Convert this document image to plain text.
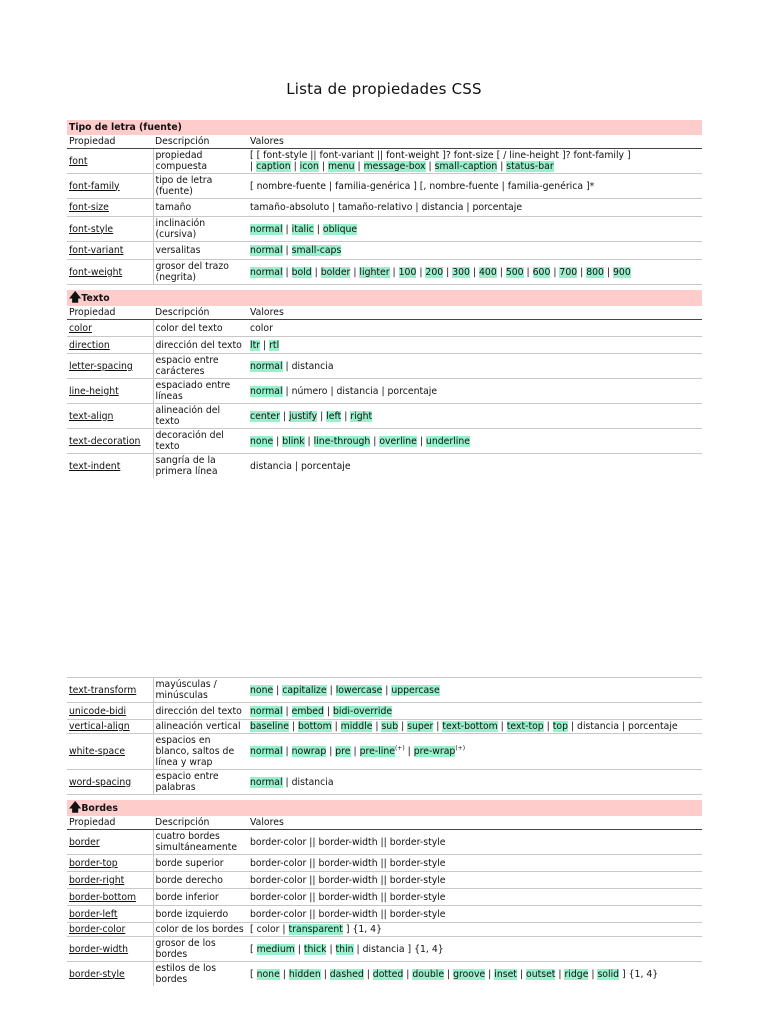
Lista de propiedades CSS
Tipo de letra (fuente)		
Propiedad	Descripción	Valores
font	propiedad compuesta	[ [ font-style || font-variant || font-weight ]? font-size [ / line-height ]? font-family ]
| caption | icon | menu | message-box | small-caption | status-bar
font-family	tipo de letra (fuente)	[ nombre-fuente | familia-genérica ] [, nombre-fuente | familia-genérica ]*
font-size	tamaño	tamaño-absoluto | tamaño-relativo | distancia | porcentaje
font-style	inclinación (cursiva)	normal | italic | oblique
font-variant	versalitas	normal | small-caps
font-weight	grosor del trazo (negrita)	normal | bold | bolder | lighter | 100 | 200 | 300 | 400 | 500 | 600 | 700 | 800 | 900

🡅Texto		
Propiedad	Descripción	Valores
color	color del texto	color
direction	dirección del texto	ltr | rtl
letter-spacing	espacio entre carácteres	normal | distancia
line-height	espaciado entre líneas	normal | número | distancia | porcentaje
text-align	alineación del texto	center | justify | left | right
text-decoration	decoración del texto	none | blink | line-through | overline | underline
text-indent	sangría de la primera línea	distancia | porcentaje
text-transform	mayúsculas / minúsculas	none | capitalize | lowercase | uppercase
unicode-bidi	dirección del texto	normal | embed | bidi-override
vertical-align	alineación vertical	baseline | bottom | middle | sub | super | text-bottom | text-top | top | distancia | porcentaje
white-space	espacios en blanco, saltos de línea y wrap	normal | nowrap | pre | pre-line(+) | pre-wrap(+)
word-spacing	espacio entre palabras	normal | distancia

🡅Bordes		
Propiedad	Descripción	Valores
border	cuatro bordes simultáneamente	border-color || border-width || border-style
border-top	borde superior	border-color || border-width || border-style
border-right	borde derecho	border-color || border-width || border-style
border-bottom	borde inferior	border-color || border-width || border-style
border-left	borde izquierdo	border-color || border-width || border-style
border-color	color de los bordes	[ color | transparent ] {1, 4}
border-width	grosor de los bordes	[ medium | thick | thin | distancia ] {1, 4}
border-style	estilos de los bordes	[ none | hidden | dashed | dotted | double | groove | inset | outset | ridge | solid ] {1, 4}
